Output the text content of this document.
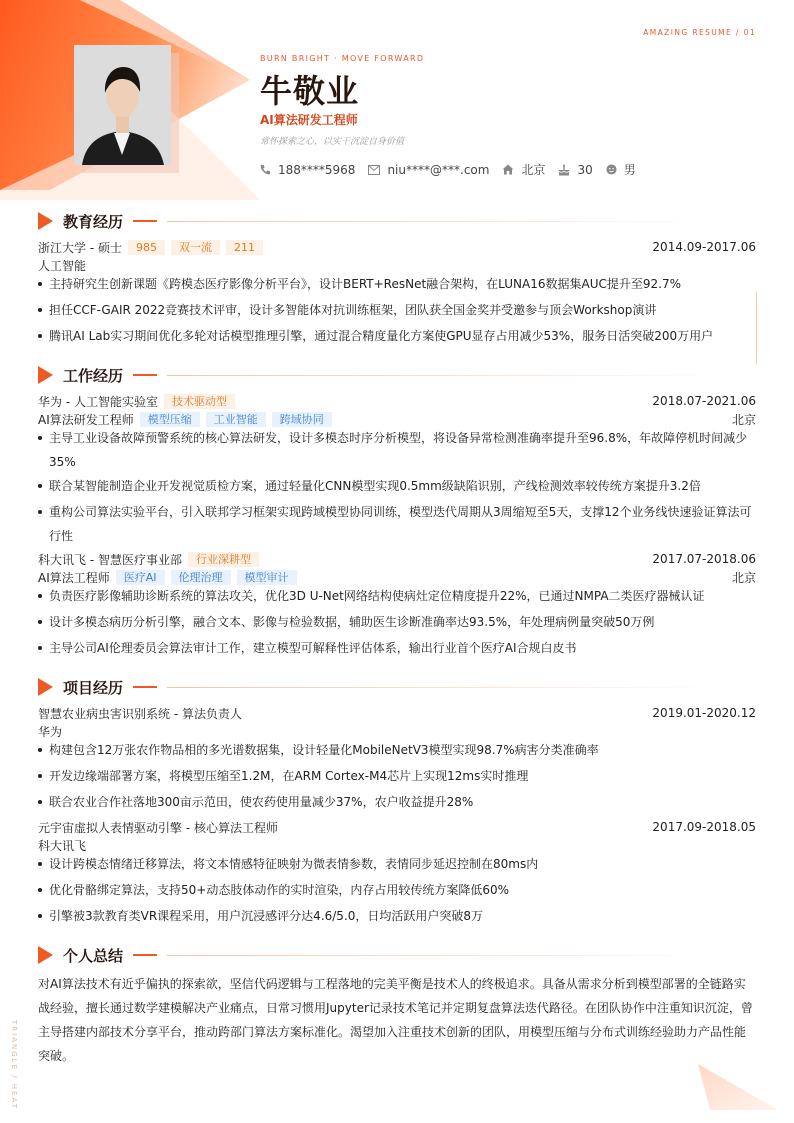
AMAZING RESUME / 01
BURN BRIGHT · MOVE FORWARD
牛敬业
AI算法研发工程师
常怀探索之心，以实干沉淀自身价值
188****5968	niu****@***.com	北京	30	男
教育经历
浙江大学 - 硕士	985	双一流	211	2014.09-2017.06
人工智能
主持研究生创新课题《跨模态医疗影像分析平台》，设计BERT+ResNet融合架构，在LUNA16数据集AUC提升至92.7%
担任CCF-GAIR 2022竞赛技术评审，设计多智能体对抗训练框架，团队获全国金奖并受邀参与顶会Workshop演讲
腾讯AI Lab实习期间优化多轮对话模型推理引擎，通过混合精度量化方案使GPU显存占用减少53%，服务日活突破200万用户
工作经历
华为 - 人工智能实验室	技术驱动型	2018.07-2021.06
AI算法研发工程师	模型压缩	工业智能	跨域协同	北京
主导工业设备故障预警系统的核心算法研发，设计多模态时序分析模型，将设备异常检测准确率提升至96.8%，年故障停机时间减少35%
联合某智能制造企业开发视觉质检方案，通过轻量化CNN模型实现0.5mm级缺陷识别，产线检测效率较传统方案提升3.2倍
重构公司算法实验平台，引入联邦学习框架实现跨域模型协同训练，模型迭代周期从3周缩短至5天，支撑12个业务线快速验证算法可行性
科大讯飞 - 智慧医疗事业部	行业深耕型	2017.07-2018.06
AI算法工程师	医疗AI	伦理治理	模型审计	北京
负责医疗影像辅助诊断系统的算法攻关，优化3D U-Net网络结构使病灶定位精度提升22%，已通过NMPA二类医疗器械认证
设计多模态病历分析引擎，融合文本、影像与检验数据，辅助医生诊断准确率达93.5%，年处理病例量突破50万例
主导公司AI伦理委员会算法审计工作，建立模型可解释性评估体系，输出行业首个医疗AI合规白皮书
项目经历
智慧农业病虫害识别系统 - 算法负责人	2019.01-2020.12
华为
构建包含12万张农作物品相的多光谱数据集，设计轻量化MobileNetV3模型实现98.7%病害分类准确率
开发边缘端部署方案，将模型压缩至1.2M，在ARM Cortex-M4芯片上实现12ms实时推理
联合农业合作社落地300亩示范田，使农药使用量减少37%，农户收益提升28%
元宇宙虚拟人表情驱动引擎 - 核心算法工程师	2017.09-2018.05
科大讯飞
设计跨模态情绪迁移算法，将文本情感特征映射为微表情参数，表情同步延迟控制在80ms内
优化骨骼绑定算法，支持50+动态肢体动作的实时渲染，内存占用较传统方案降低60%
引擎被3款教育类VR课程采用，用户沉浸感评分达4.6/5.0，日均活跃用户突破8万
个人总结
对AI算法技术有近乎偏执的探索欲，坚信代码逻辑与工程落地的完美平衡是技术人的终极追求。具备从需求分析到模型部署的全链路实战经验，擅长通过数学建模解决产业痛点，日常习惯用Jupyter记录技术笔记并定期复盘算法迭代路径。在团队协作中注重知识沉淀，曾主导搭建内部技术分享平台，推动跨部门算法方案标准化。渴望加入注重技术创新的团队，用模型压缩与分布式训练经验助力产品性能突破。
TRIANGLE / HEAT
